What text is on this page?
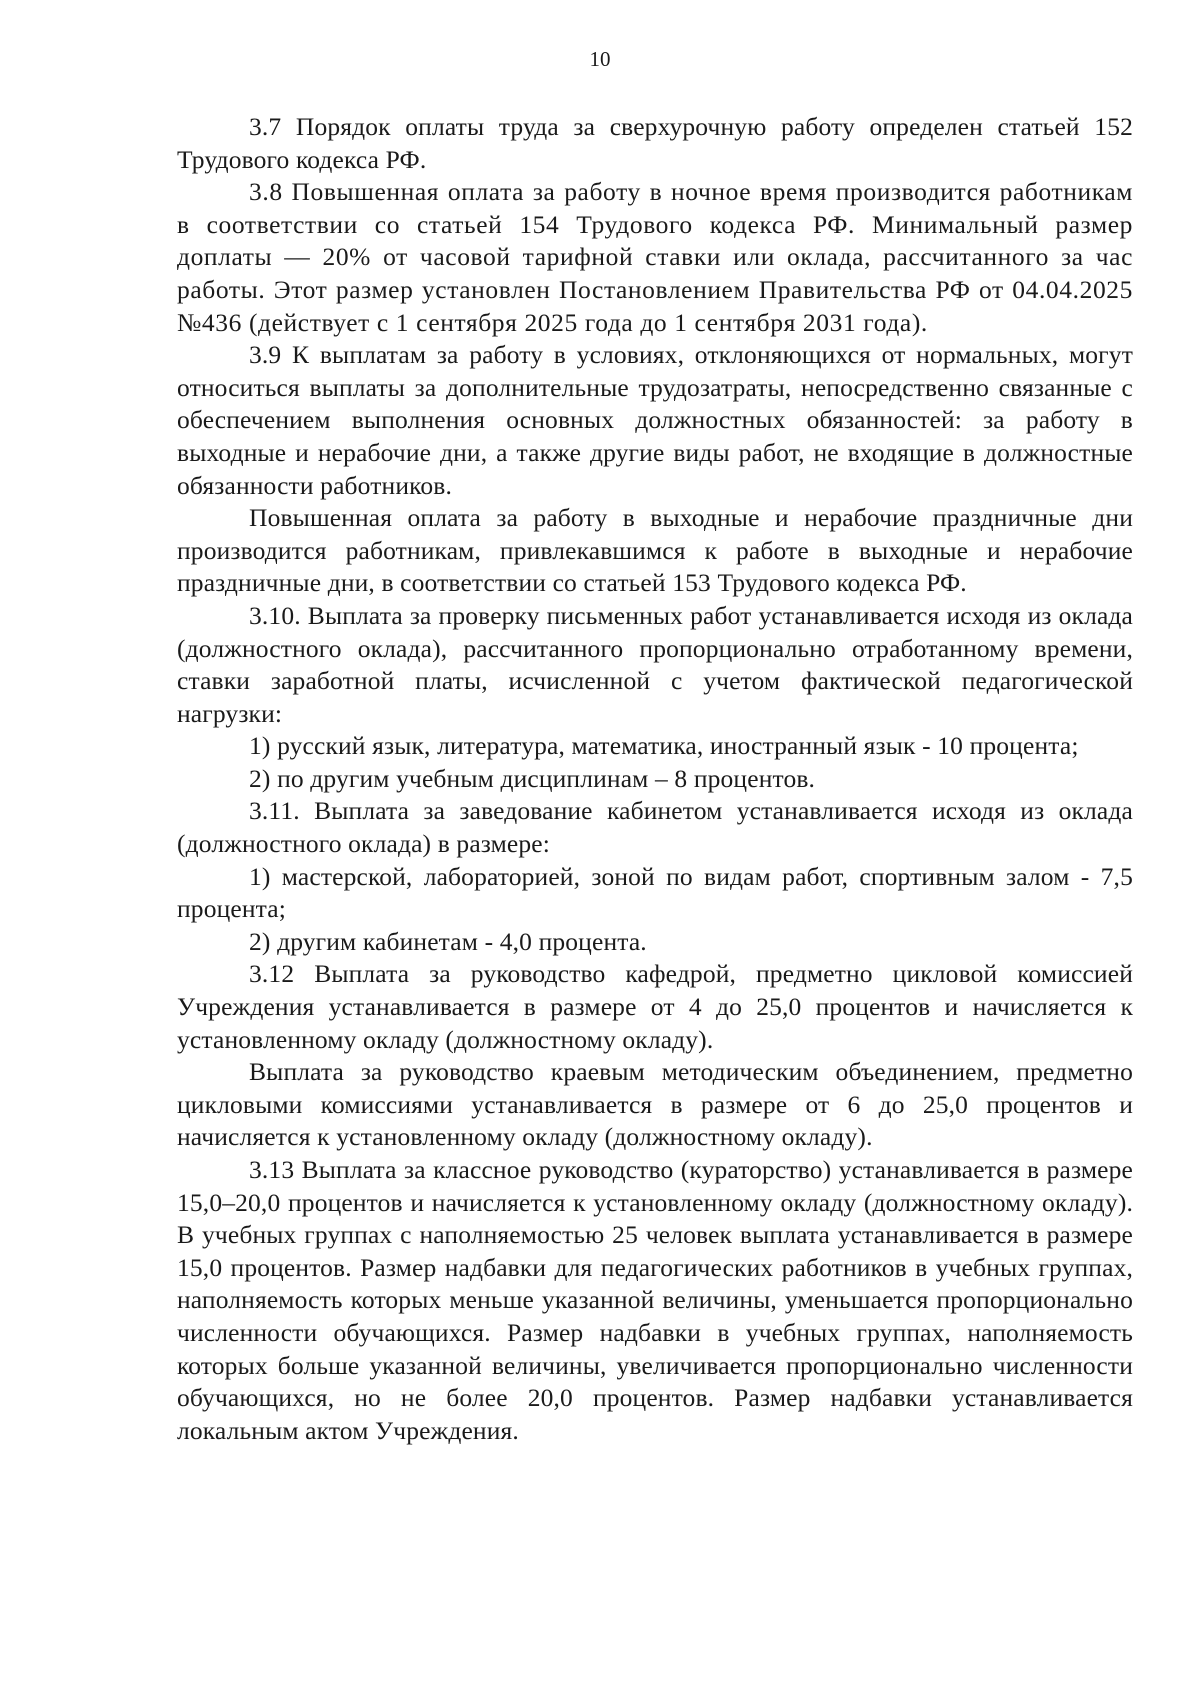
10

3.7 Порядок оплаты труда за сверхурочную работу определен статьей 152 Трудового кодекса РФ.

3.8 Повышенная оплата за работу в ночное время производится работникам в соответствии со статьей 154 Трудового кодекса РФ. Минимальный размер доплаты — 20% от часовой тарифной ставки или оклада, рассчитанного за час работы. Этот размер установлен Постановлением Правительства РФ от 04.04.2025 №436 (действует с 1 сентября 2025 года до 1 сентября 2031 года).

3.9 К выплатам за работу в условиях, отклоняющихся от нормальных, могут относиться выплаты за дополнительные трудозатраты, непосредственно связанные с обеспечением выполнения основных должностных обязанностей: за работу в выходные и нерабочие дни, а также другие виды работ, не входящие в должностные обязанности работников.

Повышенная оплата за работу в выходные и нерабочие праздничные дни производится работникам, привлекавшимся к работе в выходные и нерабочие праздничные дни, в соответствии со статьей 153 Трудового кодекса РФ.

3.10. Выплата за проверку письменных работ устанавливается исходя из оклада (должностного оклада), рассчитанного пропорционально отработанному времени, ставки заработной платы, исчисленной с учетом фактической педагогической нагрузки:

1) русский язык, литература, математика, иностранный язык - 10 процента;

2) по другим учебным дисциплинам – 8 процентов.

3.11. Выплата за заведование кабинетом устанавливается исходя из оклада (должностного оклада) в размере:

1) мастерской, лабораторией, зоной по видам работ, спортивным залом - 7,5 процента;

2) другим кабинетам - 4,0 процента.

3.12 Выплата за руководство кафедрой, предметно цикловой комиссией Учреждения устанавливается в размере от 4 до 25,0 процентов и начисляется к установленному окладу (должностному окладу).

Выплата за руководство краевым методическим объединением, предметно цикловыми комиссиями устанавливается в размере от 6 до 25,0 процентов и начисляется к установленному окладу (должностному окладу).

3.13 Выплата за классное руководство (кураторство) устанавливается в размере 15,0–20,0 процентов и начисляется к установленному окладу (должностному окладу). В учебных группах с наполняемостью 25 человек выплата устанавливается в размере 15,0 процентов. Размер надбавки для педагогических работников в учебных группах, наполняемость которых меньше указанной величины, уменьшается пропорционально численности обучающихся. Размер надбавки в учебных группах, наполняемость которых больше указанной величины, увеличивается пропорционально численности обучающихся, но не более 20,0 процентов. Размер надбавки устанавливается локальным актом Учреждения.
